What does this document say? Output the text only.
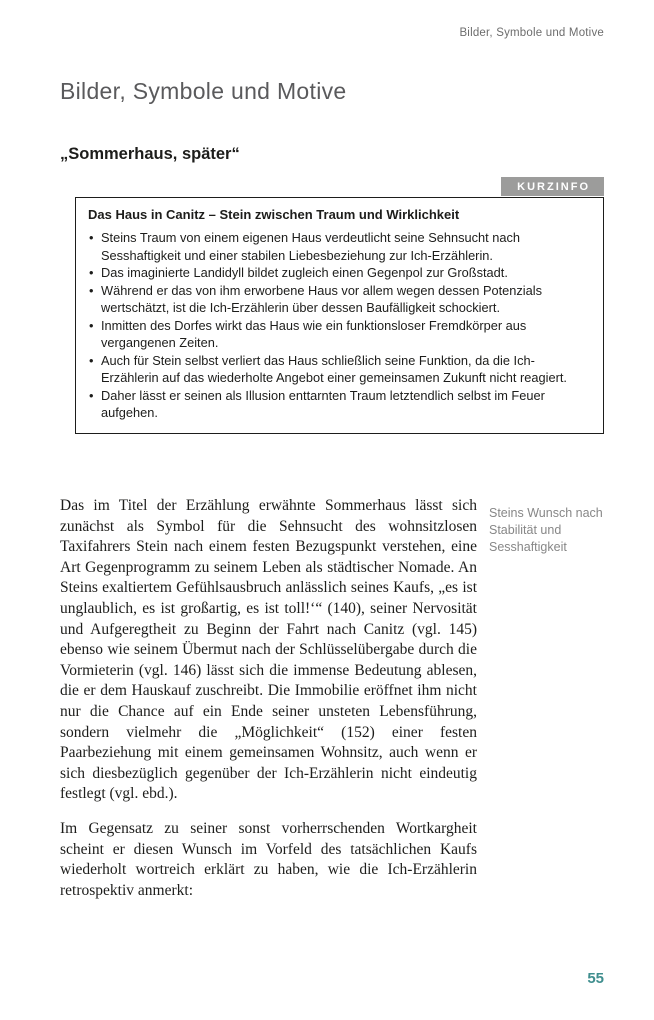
Bilder, Symbole und Motive
Bilder, Symbole und Motive
„Sommerhaus, später“
KURZINFO
Das Haus in Canitz – Stein zwischen Traum und Wirklichkeit
• Steins Traum von einem eigenen Haus verdeutlicht seine Sehnsucht nach Sesshaftigkeit und einer stabilen Liebesbeziehung zur Ich-Erzählerin.
• Das imaginierte Landidyll bildet zugleich einen Gegenpol zur Großstadt.
• Während er das von ihm erworbene Haus vor allem wegen dessen Potenzials wertschätzt, ist die Ich-Erzählerin über dessen Baufälligkeit schockiert.
• Inmitten des Dorfes wirkt das Haus wie ein funktionsloser Fremdkörper aus vergangenen Zeiten.
• Auch für Stein selbst verliert das Haus schließlich seine Funktion, da die Ich-Erzählerin auf das wiederholte Angebot einer gemeinsamen Zukunft nicht reagiert.
• Daher lässt er seinen als Illusion enttarnten Traum letztendlich selbst im Feuer aufgehen.

Das im Titel der Erzählung erwähnte Sommerhaus lässt sich zunächst als Symbol für die Sehnsucht des wohnsitzlosen Taxifahrers Stein nach einem festen Bezugspunkt verstehen, eine Art Gegenprogramm zu seinem Leben als städtischer Nomade. An Steins exaltiertem Gefühlsausbruch anlässlich seines Kaufs, „es ist unglaublich, es ist großartig, es ist toll!‘“ (140), seiner Nervosität und Aufgeregtheit zu Beginn der Fahrt nach Canitz (vgl. 145) ebenso wie seinem Übermut nach der Schlüsselübergabe durch die Vormieterin (vgl. 146) lässt sich die immense Bedeutung ablesen, die er dem Hauskauf zuschreibt. Die Immobilie eröffnet ihm nicht nur die Chance auf ein Ende seiner unsteten Lebensführung, sondern vielmehr die „Möglichkeit“ (152) einer festen Paarbeziehung mit einem gemeinsamen Wohnsitz, auch wenn er sich diesbezüglich gegenüber der Ich-Erzählerin nicht eindeutig festlegt (vgl. ebd.).

Im Gegensatz zu seiner sonst vorherrschenden Wortkargheit scheint er diesen Wunsch im Vorfeld des tatsächlichen Kaufs wiederholt wortreich erklärt zu haben, wie die Ich-Erzählerin retrospektiv anmerkt:

Steins Wunsch nach Stabilität und Sesshaftigkeit
55
